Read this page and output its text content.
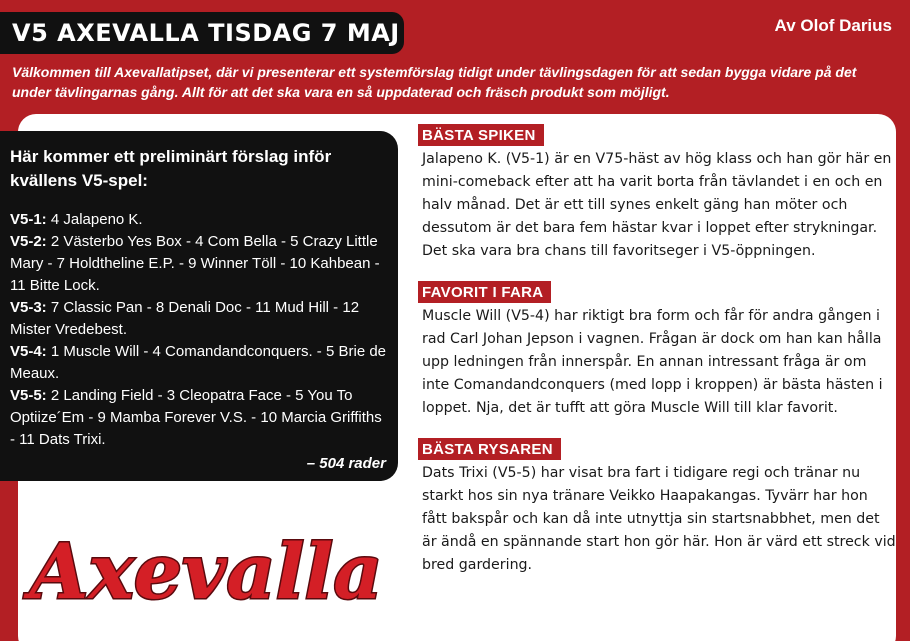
V5 AXEVALLA TISDAG 7 MAJ	Av Olof Darius
Välkommen till Axevallatipset, där vi presenterar ett systemförslag tidigt under tävlingsdagen för att sedan bygga vidare på det under tävlingarnas gång. Allt för att det ska vara en så uppdaterad och fräsch produkt som möjligt.
Här kommer ett preliminärt förslag inför kvällens V5-spel:
V5-1: 4 Jalapeno K.
V5-2: 2 Västerbo Yes Box - 4 Com Bella - 5 Crazy Little Mary - 7 Holdtheline E.P. - 9 Winner Töll - 10 Kahbean - 11 Bitte Lock.
V5-3: 7 Classic Pan - 8 Denali Doc - 11 Mud Hill - 12 Mister Vredebest.
V5-4: 1 Muscle Will - 4 Comandandconquers. - 5 Brie de Meaux.
V5-5: 2 Landing Field - 3 Cleopatra Face - 5 You To Optiize´Em - 9 Mamba Forever V.S. - 10 Marcia Griffiths - 11 Dats Trixi.
– 504 rader
Axevalla
BÄSTA SPIKEN

Jalapeno K. (V5-1) är en V75-häst av hög klass och han gör här en mini-comeback efter att ha varit borta från tävlandet i en och en halv månad. Det är ett till synes enkelt gäng han möter och dessutom är det bara fem hästar kvar i loppet efter strykningar. Det ska vara bra chans till favoritseger i V5-öppningen.

FAVORIT I FARA

Muscle Will (V5-4) har riktigt bra form och får för andra gången i rad Carl Johan Jepson i vagnen. Frågan är dock om han kan hålla upp ledningen från innerspår. En annan intressant fråga är om inte Comandandconquers (med lopp i kroppen) är bästa hästen i loppet. Nja, det är tufft att göra Muscle Will till klar favorit.

BÄSTA RYSAREN

Dats Trixi (V5-5) har visat bra fart i tidigare regi och tränar nu starkt hos sin nya tränare Veikko Haapakangas. Tyvärr har hon fått bakspår och kan då inte utnyttja sin startsnabbhet, men det är ändå en spännande start hon gör här. Hon är värd ett streck vid bred gardering.
